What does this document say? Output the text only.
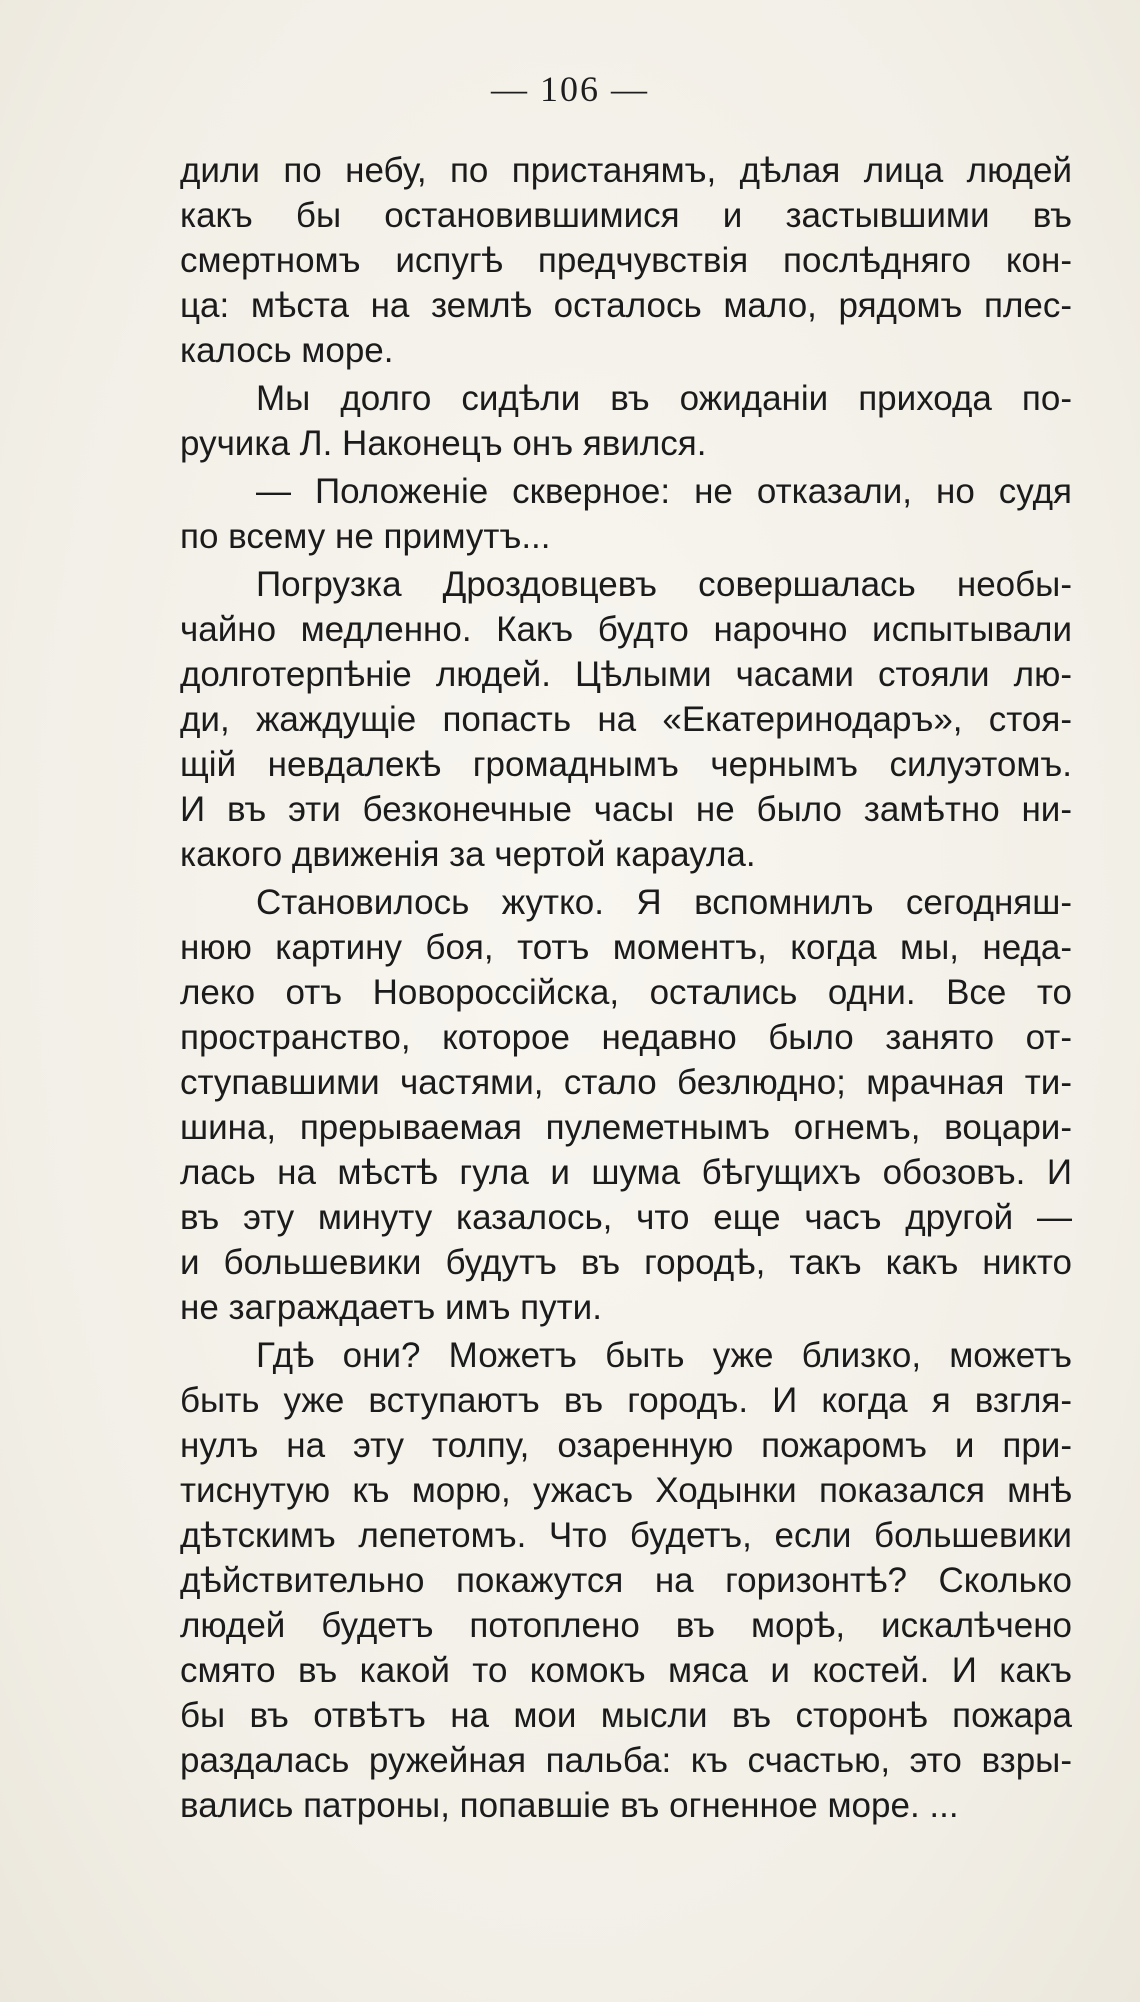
— 106 —
дили по небу, по пристанямъ, дѣлая лица людей
какъ бы остановившимися и застывшими въ
смертномъ испугѣ предчувствія послѣдняго кон-
ца: мѣста на землѣ осталось мало, рядомъ плес-
калось море.
Мы долго сидѣли въ ожиданіи прихода по-
ручика Л. Наконецъ онъ явился.
— Положеніе скверное: не отказали, но судя
по всему не примутъ...
Погрузка Дроздовцевъ совершалась необы-
чайно медленно. Какъ будто нарочно испытывали
долготерпѣніе людей. Цѣлыми часами стояли лю-
ди, жаждущіе попасть на «Екатеринодаръ», стоя-
щій невдалекѣ громаднымъ чернымъ силуэтомъ.
И въ эти безконечные часы не было замѣтно ни-
какого движенія за чертой караула.
Становилось жутко. Я вспомнилъ сегодняш-
нюю картину боя, тотъ моментъ, когда мы, неда-
леко отъ Новороссійска, остались одни. Все то
пространство, которое недавно было занято от-
ступавшими частями, стало безлюдно; мрачная ти-
шина, прерываемая пулеметнымъ огнемъ, воцари-
лась на мѣстѣ гула и шума бѣгущихъ обозовъ. И
въ эту минуту казалось, что еще часъ другой —
и большевики будутъ въ городѣ, такъ какъ никто
не заграждаетъ имъ пути.
Гдѣ они? Можетъ быть уже близко, можетъ
быть уже вступаютъ въ городъ. И когда я взгля-
нулъ на эту толпу, озаренную пожаромъ и при-
тиснутую къ морю, ужасъ Ходынки показался мнѣ
дѣтскимъ лепетомъ. Что будетъ, если большевики
дѣйствительно покажутся на горизонтѣ? Сколько
людей будетъ потоплено въ морѣ, искалѣчено
смято въ какой то комокъ мяса и костей. И какъ
бы въ отвѣтъ на мои мысли въ сторонѣ пожара
раздалась ружейная пальба: къ счастью, это взры-
вались патроны, попавшіе въ огненное море. ...
